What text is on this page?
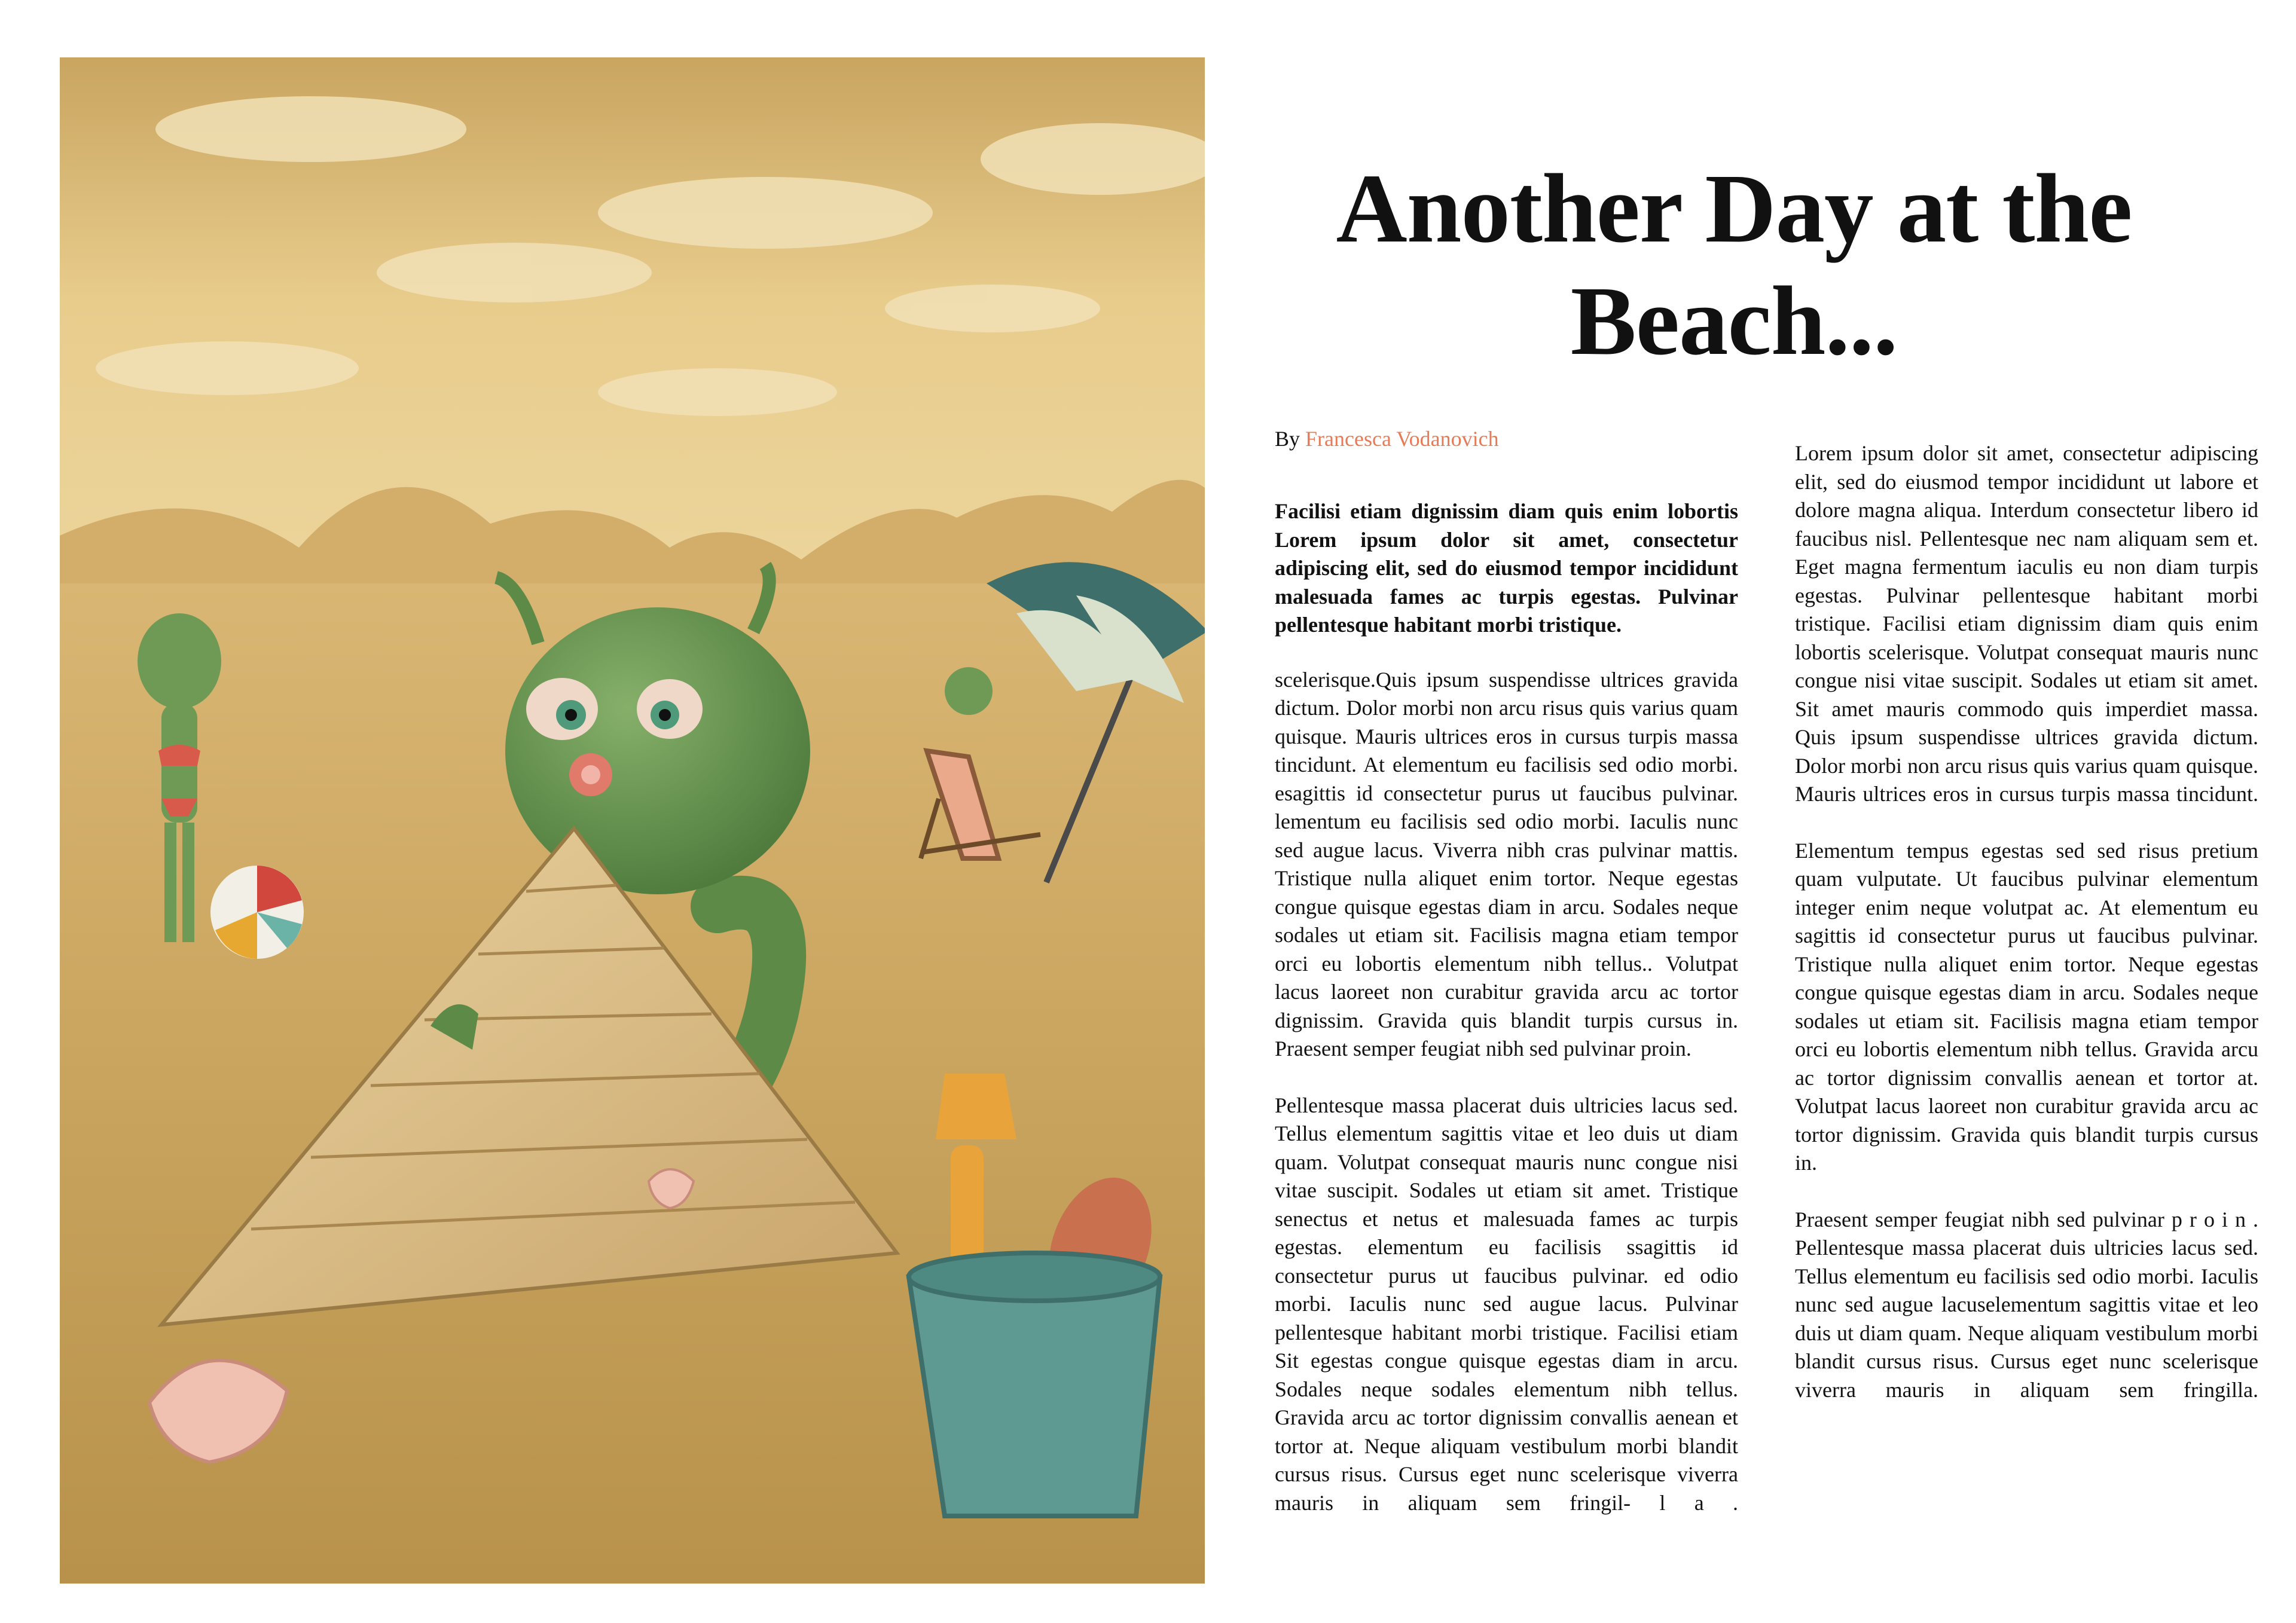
Another Day at the Beach...
By Francesca Vodanovich

Facilisi etiam dignissim diam quis enim lobortis Lorem ipsum dolor sit amet, consectetur adipiscing elit, sed do eiusmod tempor incididunt malesuada fames ac turpis egestas. Pulvinar pellentesque habitant morbi tristique.

scelerisque.Quis ipsum suspendisse ultrices gravida dictum. Dolor morbi non arcu risus quis varius quam quisque. Mauris ultrices eros in cursus turpis massa tincidunt. At elementum eu facilisis sed odio morbi. esagittis id consectetur purus ut faucibus pulvinar. lementum eu facilisis sed odio morbi. Iaculis nunc sed augue lacus. Viverra nibh cras pulvinar mattis. Tristique nulla aliquet enim tortor. Neque egestas congue quisque egestas diam in arcu. Sodales neque sodales ut etiam sit. Facilisis magna etiam tempor orci eu lobortis elementum nibh tellus.. Volutpat lacus laoreet non curabitur gravida arcu ac tortor dignissim. Gravida quis blandit turpis cursus in. Praesent semper feugiat nibh sed pulvinar proin.

Pellentesque massa placerat duis ultricies lacus sed. Tellus elementum sagittis vitae et leo duis ut diam quam. Volutpat consequat mauris nunc congue nisi vitae suscipit. Sodales ut etiam sit amet. Tristique senectus et netus et malesuada fames ac turpis egestas. elementum eu facilisis ssagittis id consectetur purus ut faucibus pulvinar. ed odio morbi. Iaculis nunc sed augue lacus. Pulvinar pellentesque habitant morbi tristique. Facilisi etiam Sit egestas congue quisque egestas diam in arcu. Sodales neque sodales elementum nibh tellus. Gravida arcu ac tortor dignissim convallis aenean et tortor at. Neque aliquam vestibulum morbi blandit cursus risus. Cursus eget nunc scelerisque viverra mauris in aliquam sem fringil- l a .

Lorem ipsum dolor sit amet, consectetur adipiscing elit, sed do eiusmod tempor incididunt ut labore et dolore magna aliqua. Interdum consectetur libero id faucibus nisl. Pellentesque nec nam aliquam sem et. Eget magna fermentum iaculis eu non diam turpis egestas. Pulvinar pellentesque habitant morbi tristique. Facilisi etiam dignissim diam quis enim lobortis scelerisque. Volutpat consequat mauris nunc congue nisi vitae suscipit. Sodales ut etiam sit amet. Sit amet mauris commodo quis imperdiet massa. Quis ipsum suspendisse ultrices gravida dictum. Dolor morbi non arcu risus quis varius quam quisque. Mauris ultrices eros in cursus turpis massa tincidunt.

Elementum tempus egestas sed sed risus pretium quam vulputate. Ut faucibus pulvinar elementum integer enim neque volutpat ac. At elementum eu sagittis id consectetur purus ut faucibus pulvinar. Tristique nulla aliquet enim tortor. Neque egestas congue quisque egestas diam in arcu. Sodales neque sodales ut etiam sit. Facilisis magna etiam tempor orci eu lobortis elementum nibh tellus. Gravida arcu ac tortor dignissim convallis aenean et tortor at. Volutpat lacus laoreet non curabitur gravida arcu ac tortor dignissim. Gravida quis blandit turpis cursus in.

Praesent semper feugiat nibh sed pulvinar p r o i n . Pellentesque massa placerat duis ultricies lacus sed. Tellus elementum eu facilisis sed odio morbi. Iaculis nunc sed augue lacuselementum sagittis vitae et leo duis ut diam quam. Neque aliquam vestibulum morbi blandit cursus risus. Cursus eget nunc scelerisque viverra mauris in aliquam sem fringilla.
